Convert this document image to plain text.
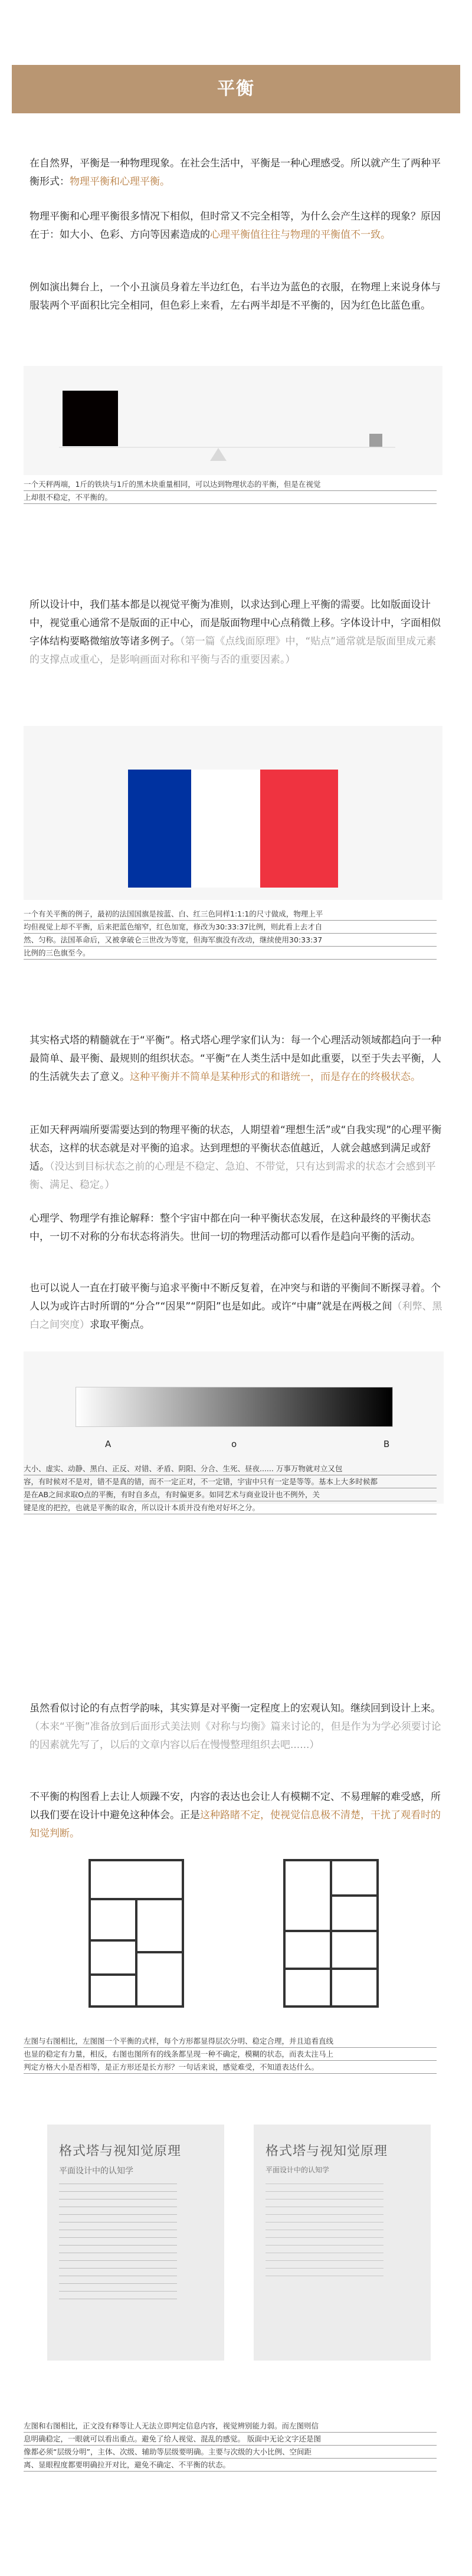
平衡

在自然界，平衡是一种物理现象。在社会生活中，平衡是一种心理感受。所以就产生了两种平衡形式：物理平衡和心理平衡。

物理平衡和心理平衡很多情况下相似，但时常又不完全相等，为什么会产生这样的现象？原因在于：如大小、色彩、方向等因素造成的心理平衡值往往与物理的平衡值不一致。

例如演出舞台上，一个小丑演员身着左半边红色，右半边为蓝色的衣服，在物理上来说身体与服装两个平面积比完全相同，但色彩上来看，左右两半却是不平衡的，因为红色比蓝色重。

一个天秤两端，1斤的铁块与1斤的黑木块重量相同，可以达到物理状态的平衡，但是在视觉
上却很不稳定，不平衡的。

所以设计中，我们基本都是以视觉平衡为准则，以求达到心理上平衡的需要。比如版面设计中，视觉重心通常不是版面的正中心，而是版面物理中心点稍微上移。字体设计中，字面相似字体结构要略微缩放等诸多例子。（第一篇《点线面原理》中，“贴点”通常就是版面里成元素的支撑点或重心，是影响画面对称和平衡与否的重要因素。）

一个有关平衡的例子，最初的法国国旗是按蓝、白、红三色同样1:1:1的尺寸做成，物理上平
均但视觉上却不平衡，后来把蓝色缩窄，红色加宽，修改为30:33:37比例，则此看上去才自
然、匀称。法国革命后，又被拿破仑三世改为等宽，但海军旗没有改动，继续使用30:33:37
比例的三色旗至今。

其实格式塔的精髓就在于“平衡”。格式塔心理学家们认为：每一个心理活动领域都趋向于一种最简单、最平衡、最规则的组织状态。“平衡”在人类生活中是如此重要，以至于失去平衡，人的生活就失去了意义。这种平衡并不简单是某种形式的和谐统一，而是存在的终极状态。

正如天秤两端所要需要达到的物理平衡的状态，人期望着“理想生活”或“自我实现”的心理平衡状态，这样的状态就是对平衡的追求。达到理想的平衡状态值越近，人就会越感到满足或舒适。（没达到目标状态之前的心理是不稳定、急迫、不带觉，只有达到需求的状态才会感到平衡、满足、稳定。）

心理学、物理学有推论解释：整个宇宙中都在向一种平衡状态发展，在这种最终的平衡状态中，一切不对称的分布状态将消失。世间一切的物理活动都可以看作是趋向平衡的活动。

也可以说人一直在打破平衡与追求平衡中不断反复着，在冲突与和谐的平衡间不断探寻着。个人以为或许古时所谓的“分合”“因果”“阴阳”也是如此。或许“中庸”就是在两极之间（利弊、黑白之间突度）求取平衡点。

A	o	B
大小、虚实、动静、黑白、正反、对错、矛盾、阴阳、分合、生死、昼夜...... 万事万物就对立又包
容，有时候对不是对，错不是真的错，而不一定正对，不一定错，宇宙中只有一定是等等。基本上大多时候都
是在AB之间求取O点的平衡，有时自多点，有时偏更多。如同艺术与商业设计也不例外，关
键是度的把控，也就是平衡的取舍，所以设计本质并没有绝对好坏之分。

虽然看似讨论的有点哲学韵味，其实算是对平衡一定程度上的宏观认知。继续回到设计上来。（本来“平衡”准备放到后面形式美法则《对称与均衡》篇来讨论的，但是作为为学必须要讨论的因素就先写了，以后的文章内容以后在慢慢整理组织去吧......）

不平衡的构图看上去让人烦躁不安，内容的表达也会让人有模糊不定、不易理解的难受感，所以我们要在设计中避免这种体会。正是这种路睹不定，使视觉信息极不清楚，干扰了观看时的知觉判断。

左图与右图相比，左图图一个平衡的式样，每个方形都显得层次分明、稳定合理，并且追看直线
也显的稳定有力量，相反，右图也图所有的线条都呈现一种不确定，模糊的状态，而表太注马上
判定方格大小是否相等，是正方形还是长方形？一句话来说，感觉难受，不知道表达什么。
格式塔与视知觉原理
平面设计中的认知学
格式塔与视知觉原理
平面设计中的认知学
左图和右图相比，正文没有释等让人无法立即判定信息内容，视觉辨别能力弱。而左图则信
息明确稳定，一眼就可以看出重点。避免了给人视觉、混乱的感觉。 版面中无论文字还是图
像都必须“层级分明”，主体、次级、辅助等层级要明确。主要与次级的大小比例、空间距
离、显眼程度都要明确拉开对比，避免不确定、不平衡的状态。
